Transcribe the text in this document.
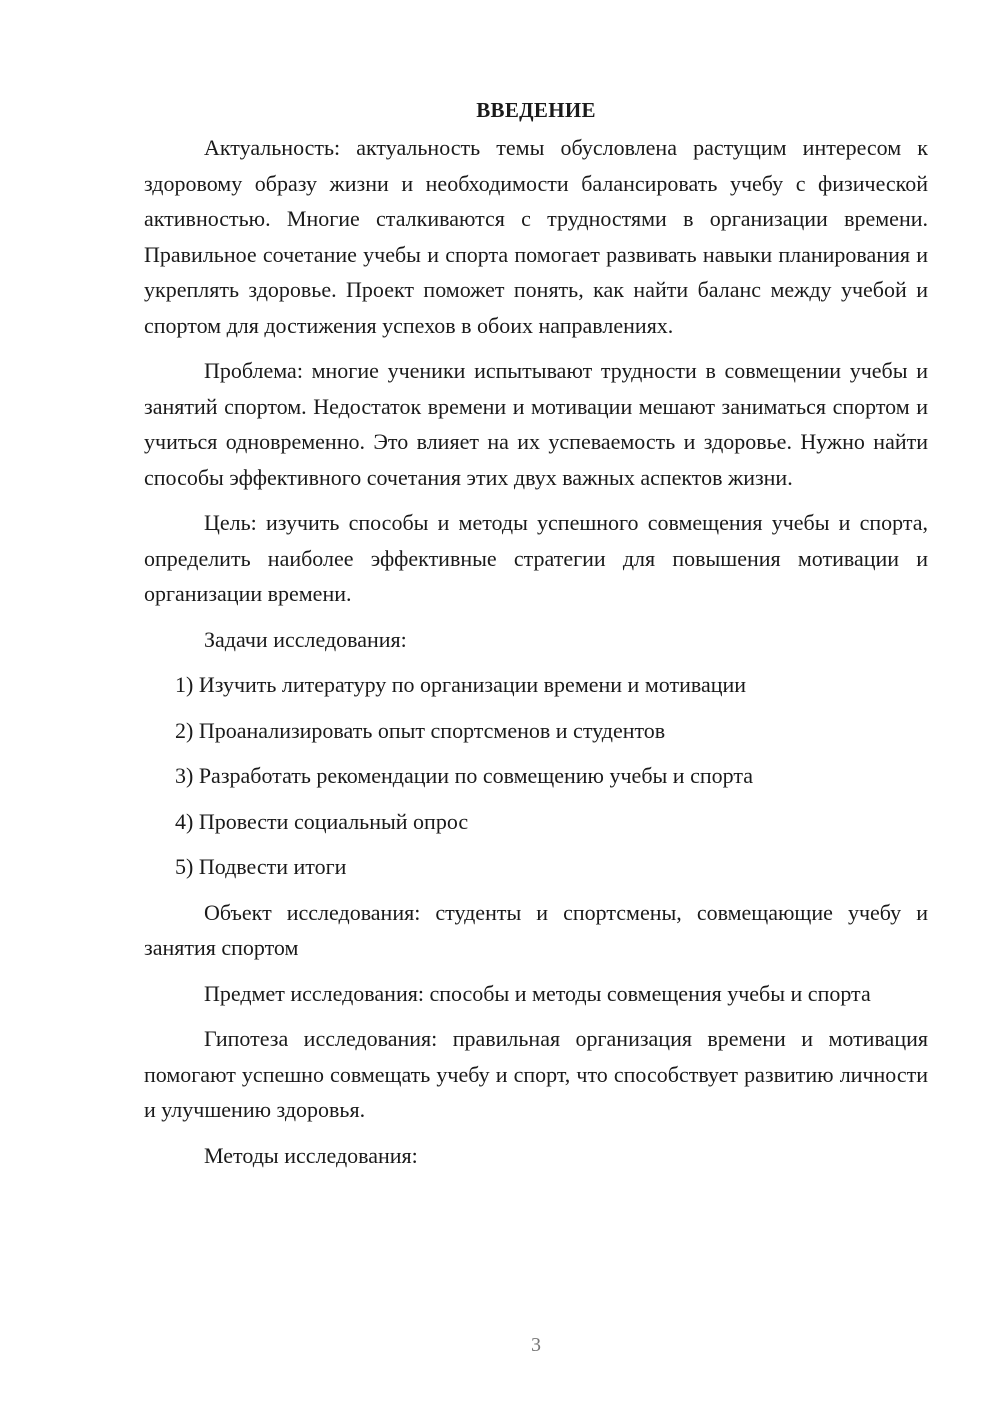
ВВЕДЕНИЕ

Актуальность: актуальность темы обусловлена растущим интересом к здоровому образу жизни и необходимости балансировать учебу с физической активностью. Многие сталкиваются с трудностями в организации времени. Правильное сочетание учебы и спорта помогает развивать навыки планирования и укреплять здоровье. Проект поможет понять, как найти баланс между учебой и спортом для достижения успехов в обоих направлениях.

Проблема: многие ученики испытывают трудности в совмещении учебы и занятий спортом. Недостаток времени и мотивации мешают заниматься спортом и учиться одновременно. Это влияет на их успеваемость и здоровье. Нужно найти способы эффективного сочетания этих двух важных аспектов жизни.

Цель: изучить способы и методы успешного совмещения учебы и спорта, определить наиболее эффективные стратегии для повышения мотивации и организации времени.

Задачи исследования:

1) Изучить литературу по организации времени и мотивации
2) Проанализировать опыт спортсменов и студентов
3) Разработать рекомендации по совмещению учебы и спорта
4) Провести социальный опрос
5) Подвести итоги

Объект исследования: студенты и спортсмены, совмещающие учебу и занятия спортом

Предмет исследования: способы и методы совмещения учебы и спорта

Гипотеза исследования: правильная организация времени и мотивация помогают успешно совмещать учебу и спорт, что способствует развитию личности и улучшению здоровья.

Методы исследования:

3
